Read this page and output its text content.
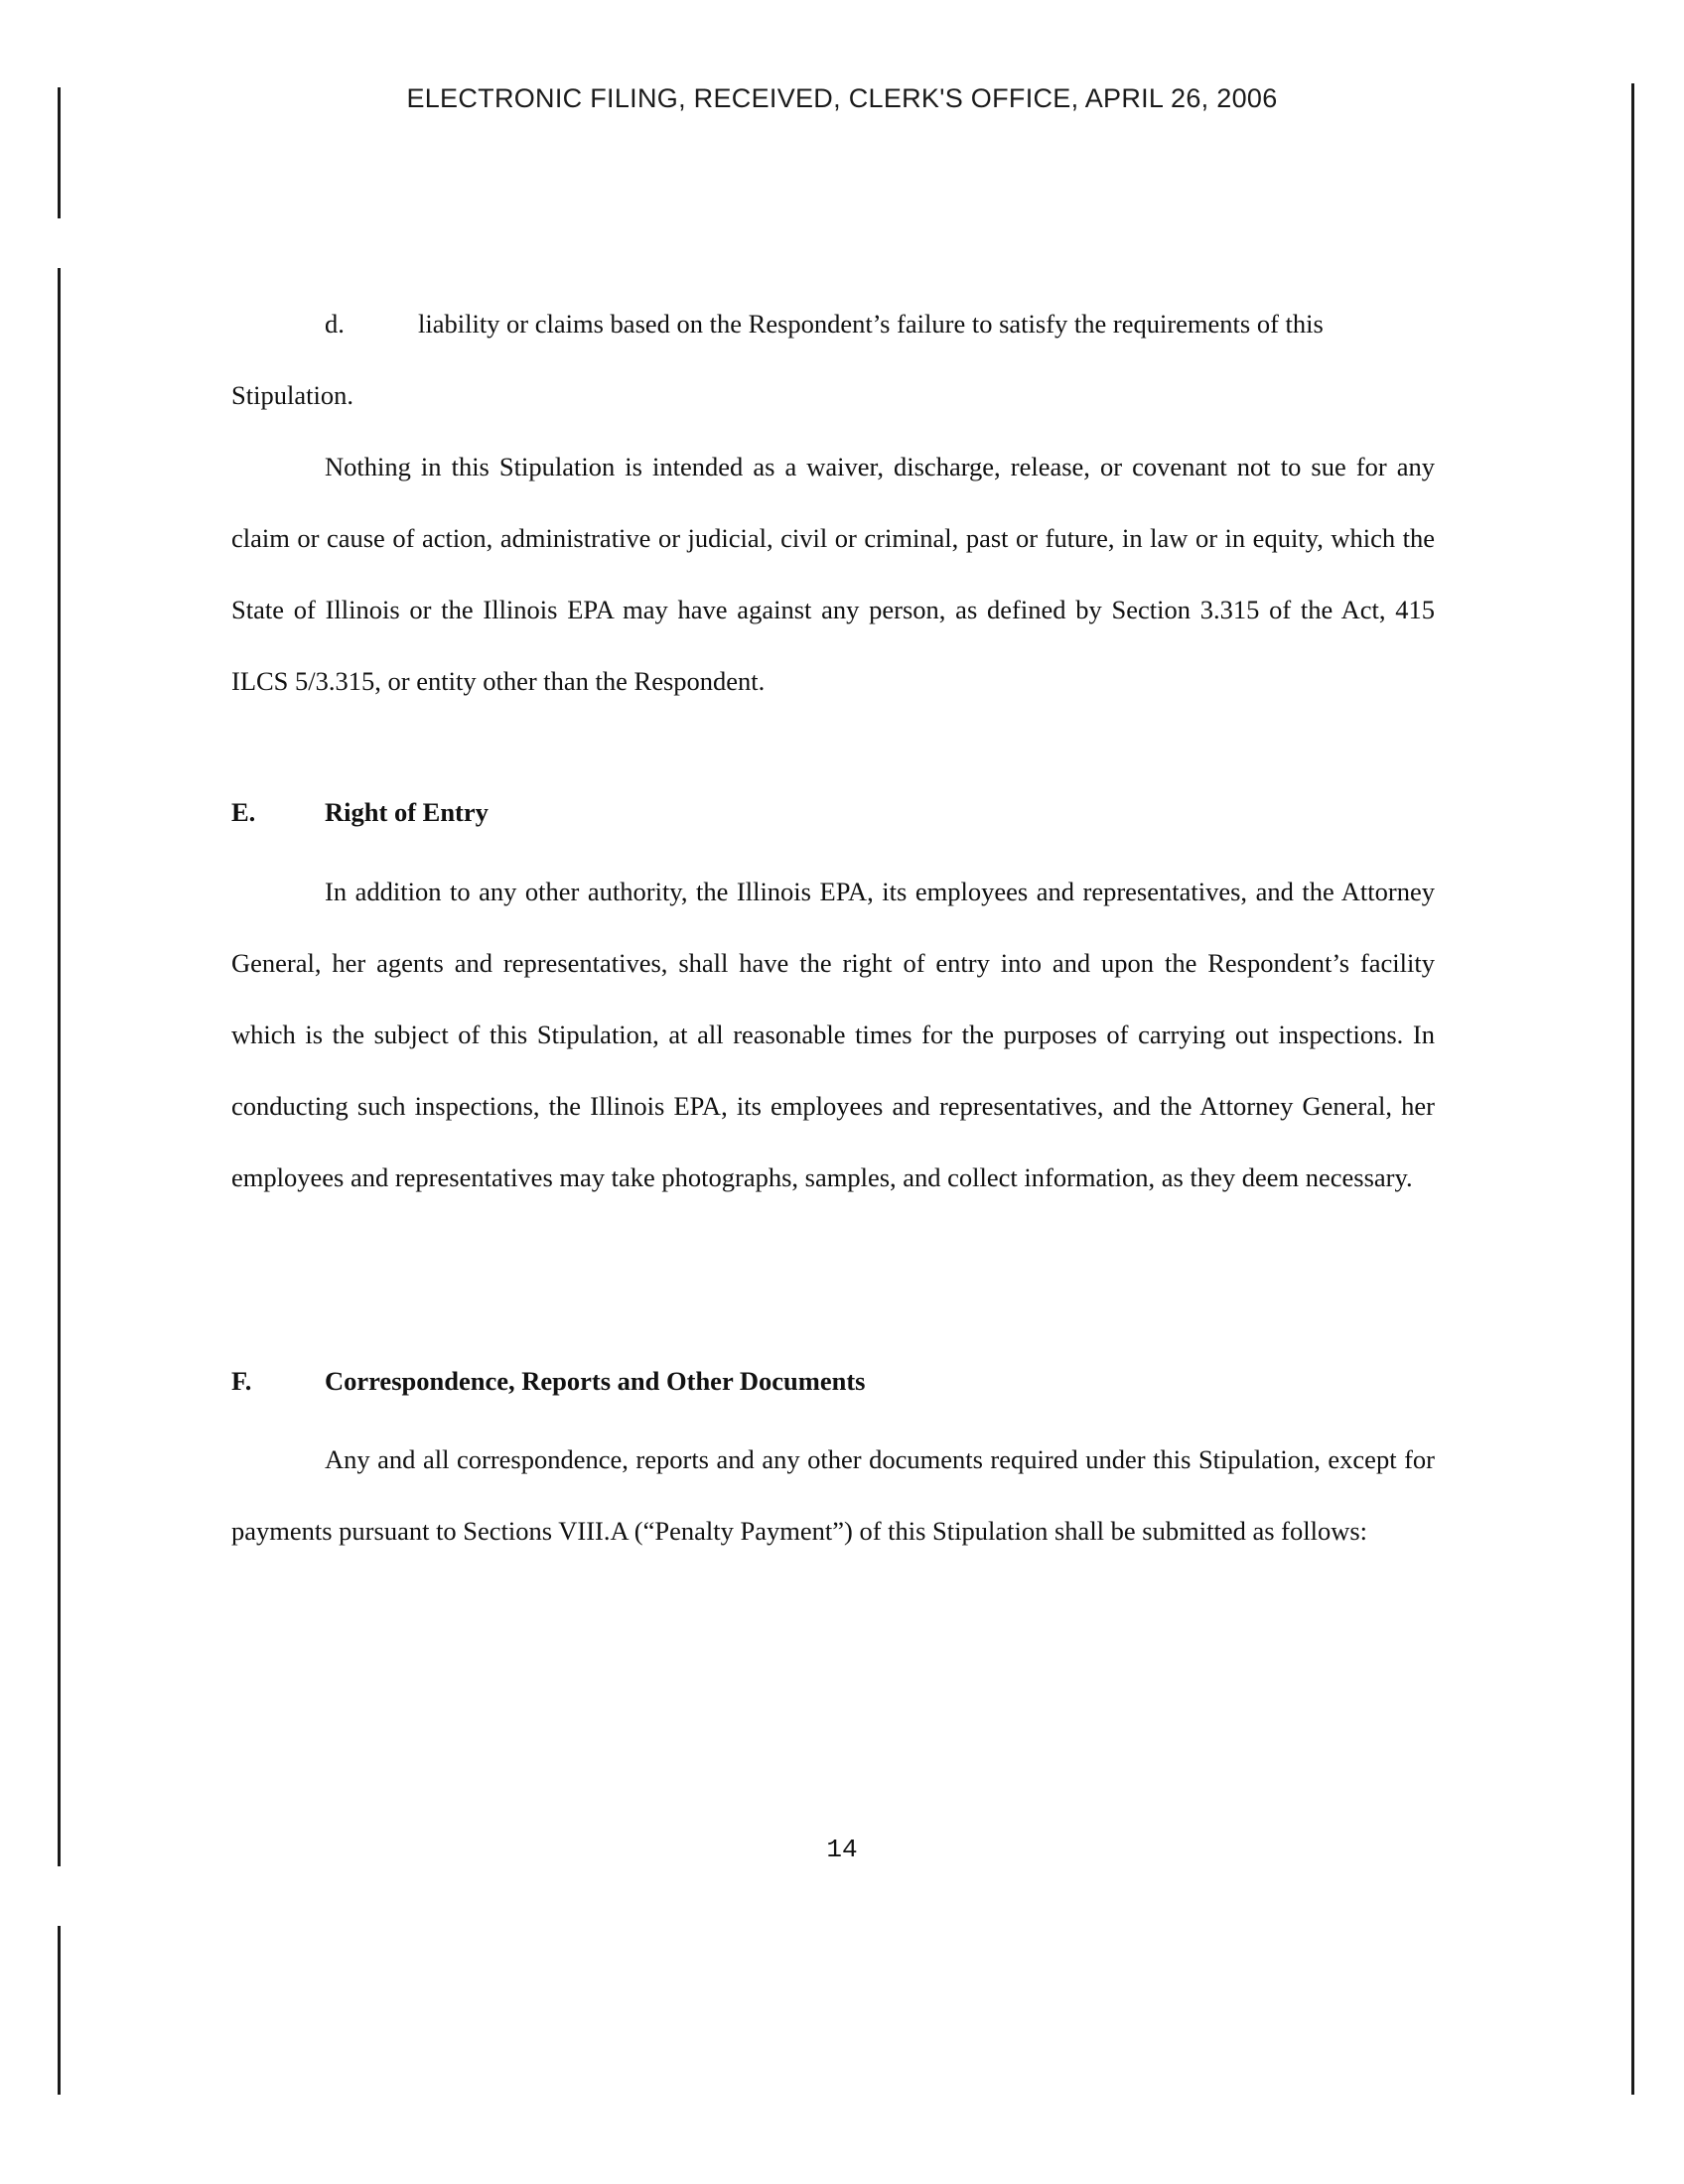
ELECTRONIC FILING, RECEIVED, CLERK'S OFFICE, APRIL 26, 2006
d.	liability or claims based on the Respondent’s failure to satisfy the requirements of this
Stipulation.
Nothing in this Stipulation is intended as a waiver, discharge, release, or covenant not to sue for any claim or cause of action, administrative or judicial, civil or criminal, past or future, in law or in equity, which the State of Illinois or the Illinois EPA may have against any person, as defined by Section 3.315 of the Act, 415 ILCS 5/3.315, or entity other than the Respondent.
E.	Right of Entry
In addition to any other authority, the Illinois EPA, its employees and representatives, and the Attorney General, her agents and representatives, shall have the right of entry into and upon the Respondent’s facility which is the subject of this Stipulation, at all reasonable times for the purposes of carrying out inspections. In conducting such inspections, the Illinois EPA, its employees and representatives, and the Attorney General, her employees and representatives may take photographs, samples, and collect information, as they deem necessary.
F.	Correspondence, Reports and Other Documents
Any and all correspondence, reports and any other documents required under this Stipulation, except for payments pursuant to Sections VIII.A (“Penalty Payment”) of this Stipulation shall be submitted as follows:
14
